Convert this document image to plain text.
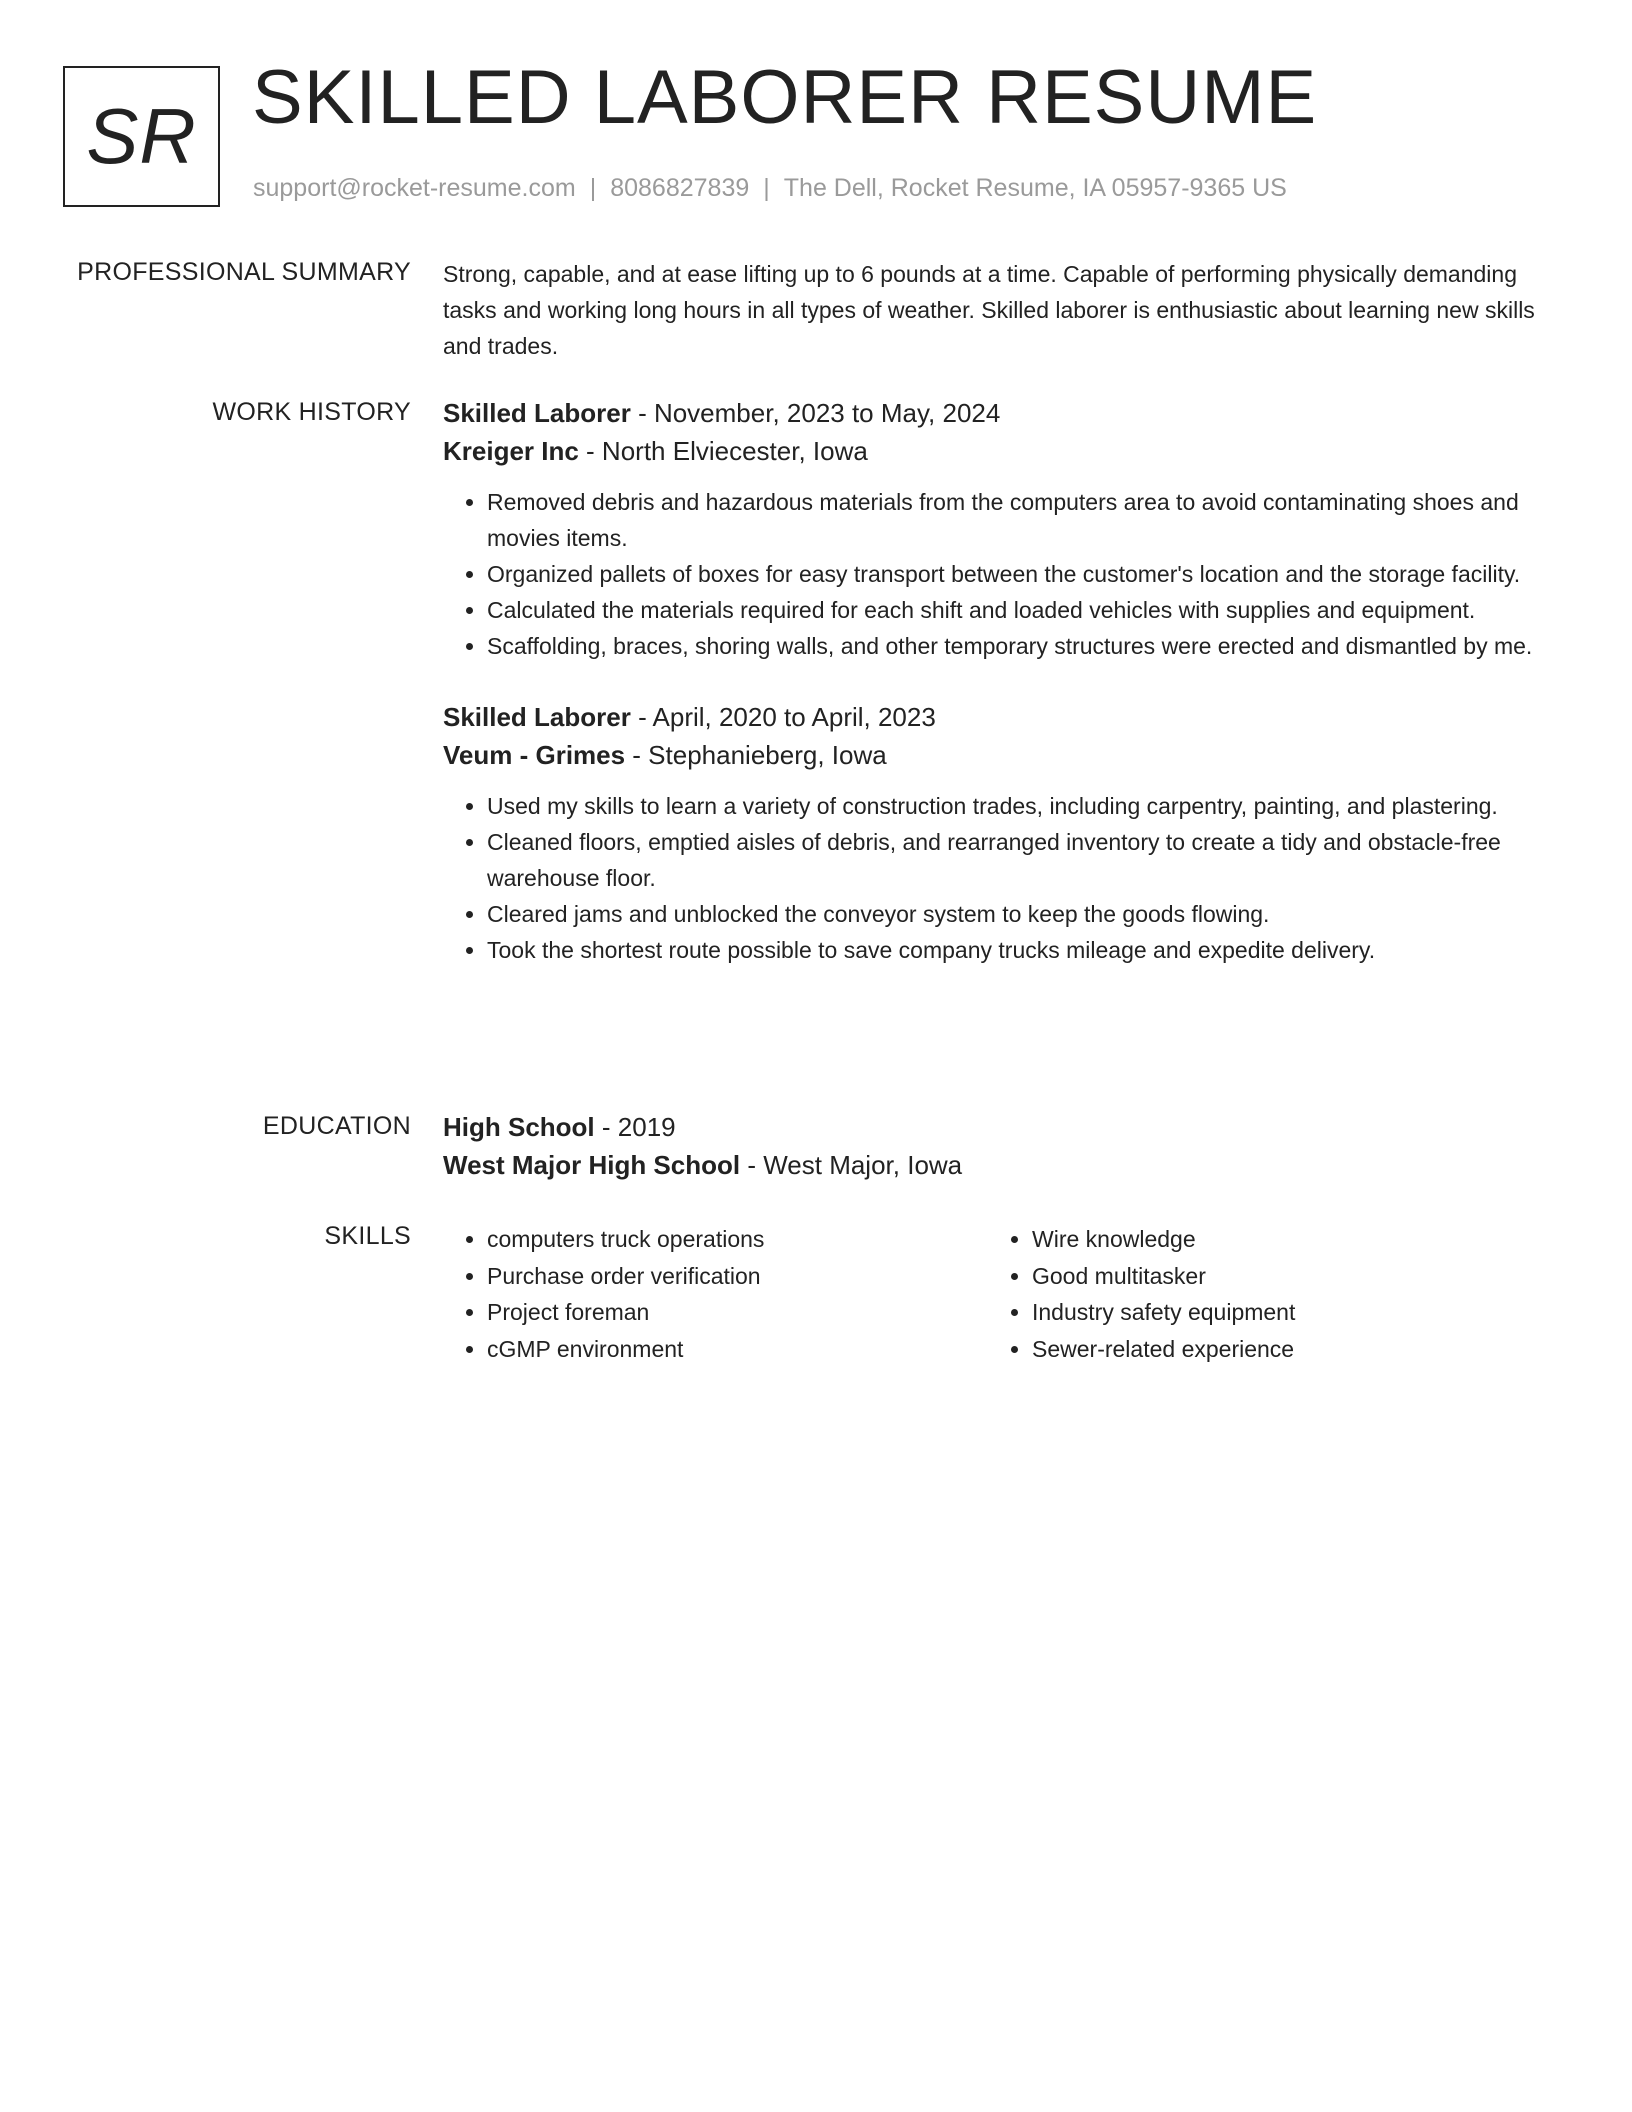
SR SKILLED LABORER RESUME
support@rocket-resume.com | 8086827839 | The Dell, Rocket Resume, IA 05957-9365 US
PROFESSIONAL SUMMARY Strong, capable, and at ease lifting up to 6 pounds at a time. Capable of performing physically demanding tasks and working long hours in all types of weather. Skilled laborer is enthusiastic about learning new skills and trades.

WORK HISTORY Skilled Laborer - November, 2023 to May, 2024
Kreiger Inc - North Elviecester, Iowa
• Removed debris and hazardous materials from the computers area to avoid contaminating shoes and movies items.
• Organized pallets of boxes for easy transport between the customer's location and the storage facility.
• Calculated the materials required for each shift and loaded vehicles with supplies and equipment.
• Scaffolding, braces, shoring walls, and other temporary structures were erected and dismantled by me.
Skilled Laborer - April, 2020 to April, 2023
Veum - Grimes - Stephanieberg, Iowa
• Used my skills to learn a variety of construction trades, including carpentry, painting, and plastering.
• Cleaned floors, emptied aisles of debris, and rearranged inventory to create a tidy and obstacle-free warehouse floor.
• Cleared jams and unblocked the conveyor system to keep the goods flowing.
• Took the shortest route possible to save company trucks mileage and expedite delivery.
EDUCATION High School - 2019
West Major High School - West Major, Iowa
SKILLS
•	computers truck operations
• Purchase order verification
• Project foreman
• cGMP environment
• Wire knowledge
• Good multitasker
• Industry safety equipment
• Sewer-related experience
